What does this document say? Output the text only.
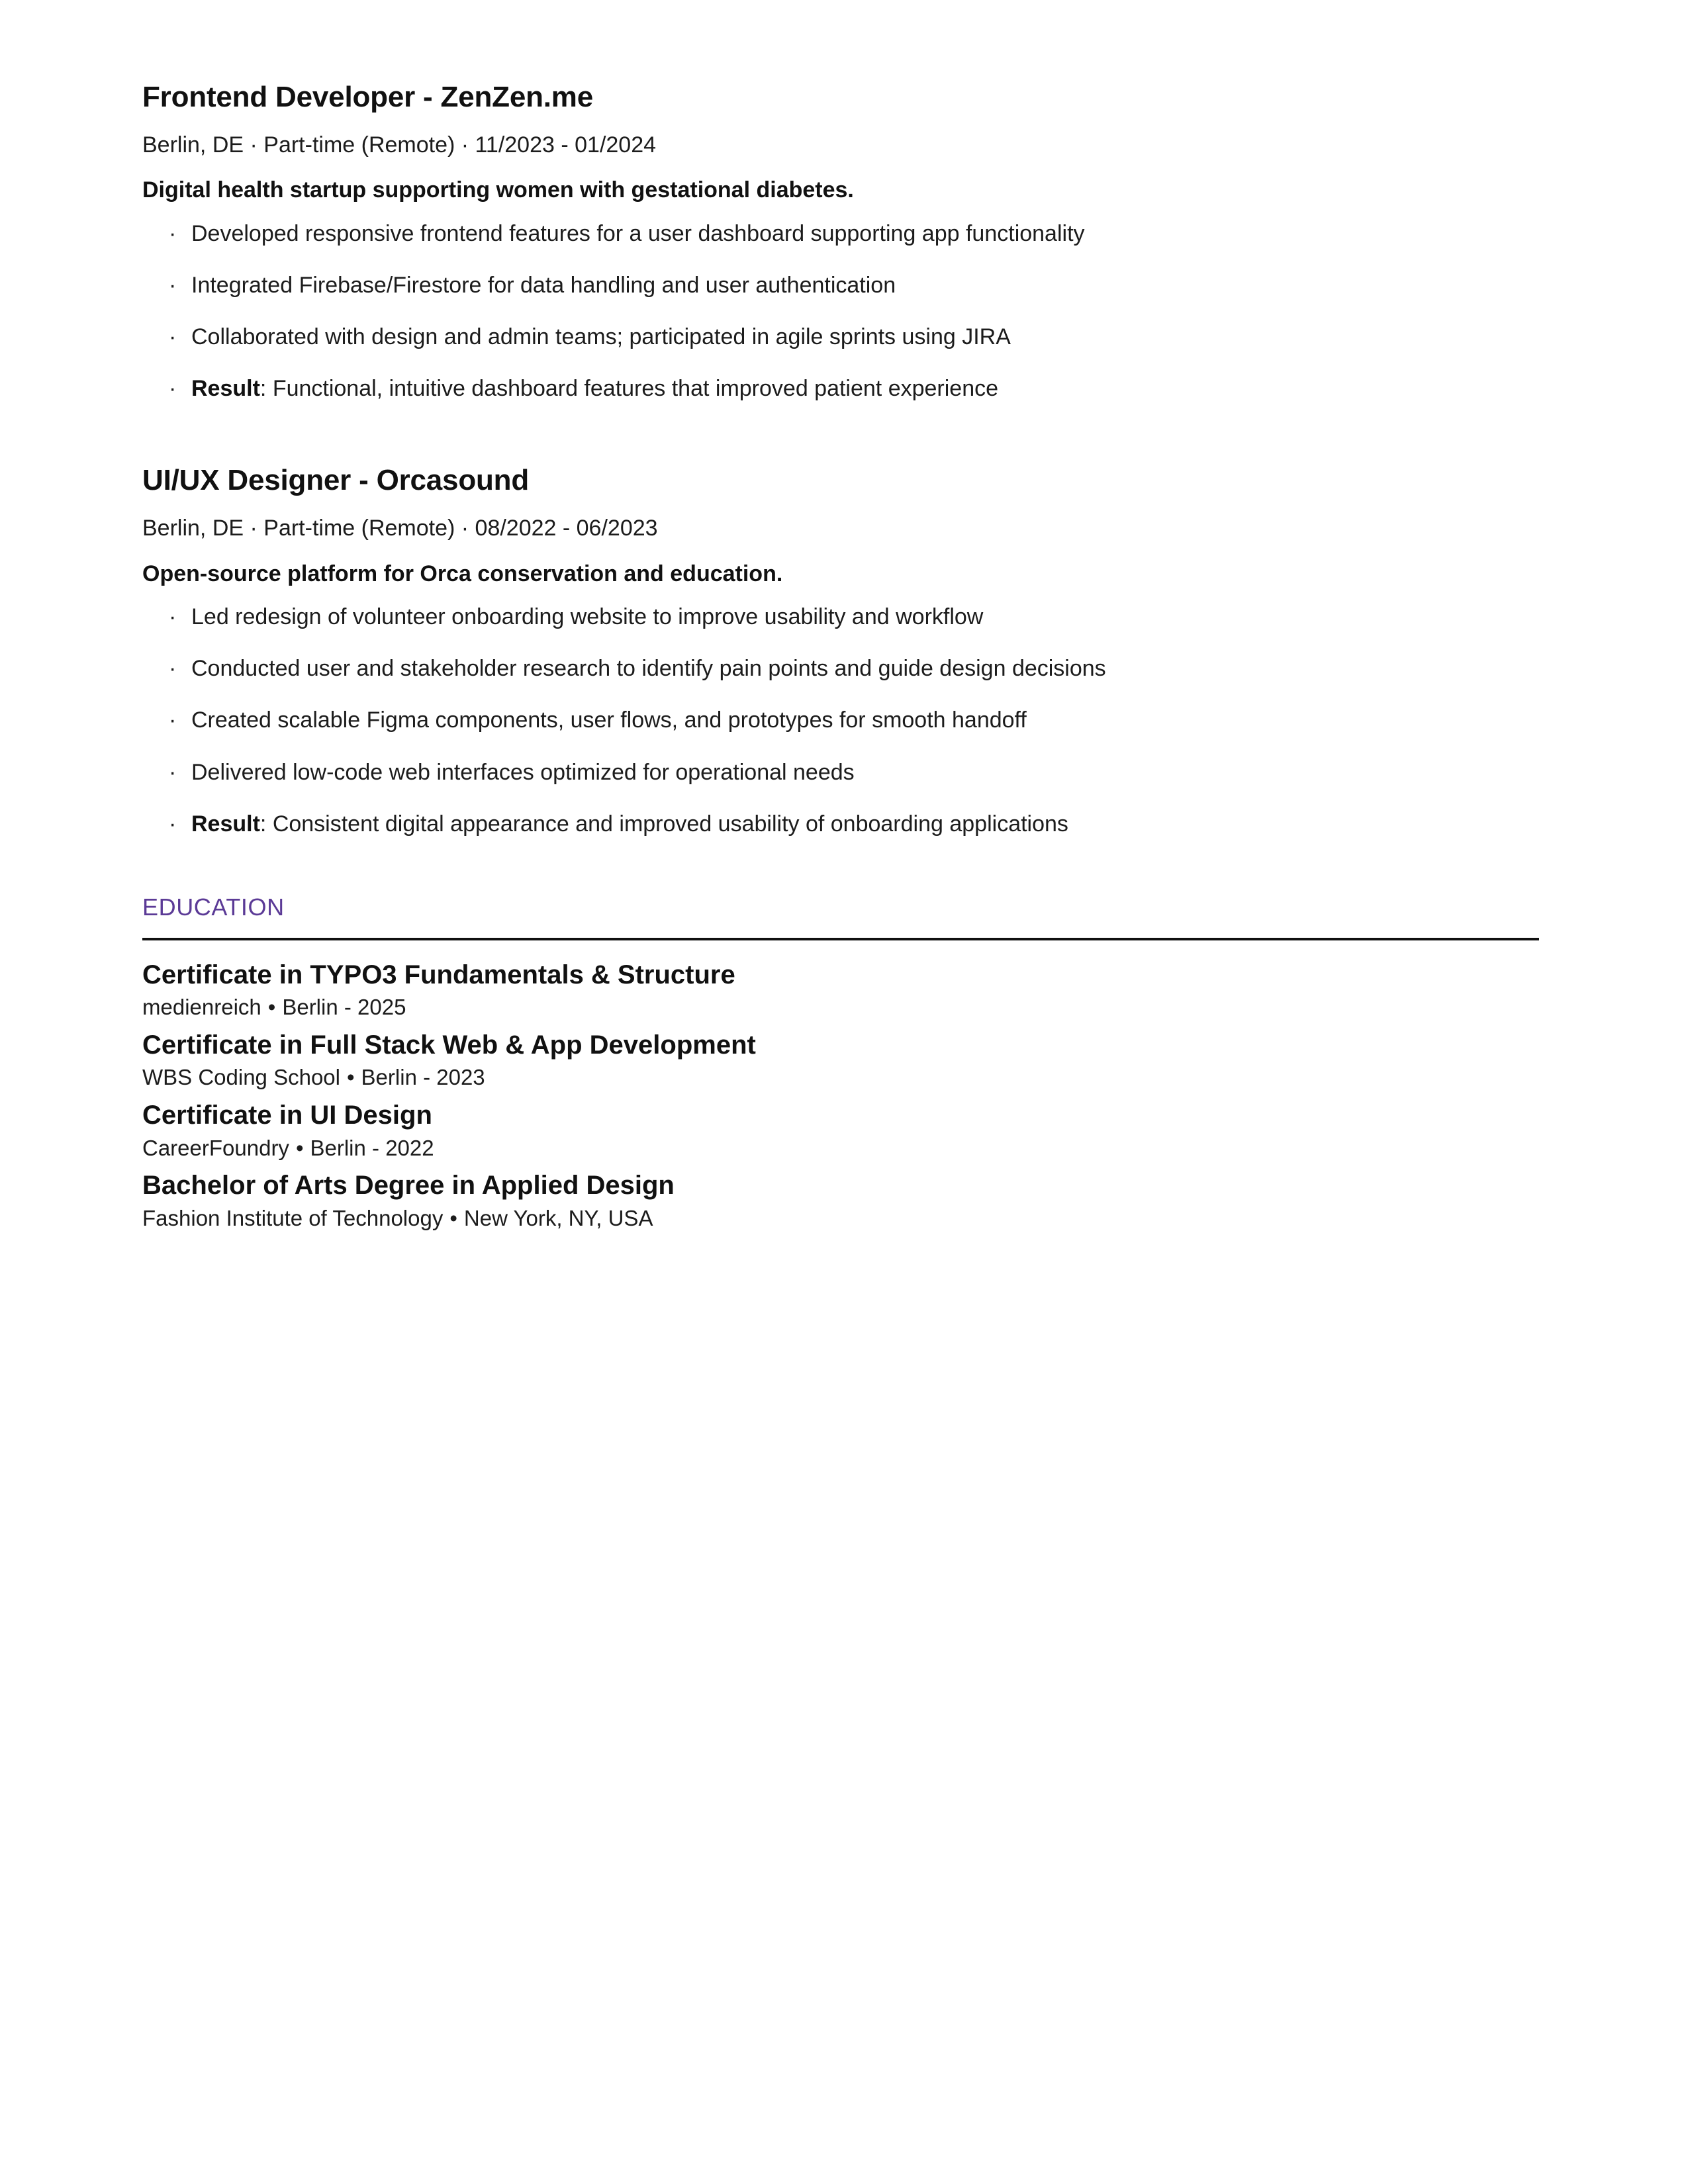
Frontend Developer - ZenZen.me

Berlin, DE · Part-time (Remote) · 11/2023 - 01/2024

Digital health startup supporting women with gestational diabetes.

· Developed responsive frontend features for a user dashboard supporting app functionality
· Integrated Firebase/Firestore for data handling and user authentication
· Collaborated with design and admin teams; participated in agile sprints using JIRA
· Result: Functional, intuitive dashboard features that improved patient experience
UI/UX Designer - Orcasound

Berlin, DE · Part-time (Remote) · 08/2022 - 06/2023

Open-source platform for Orca conservation and education.

· Led redesign of volunteer onboarding website to improve usability and workflow
· Conducted user and stakeholder research to identify pain points and guide design decisions
· Created scalable Figma components, user flows, and prototypes for smooth handoff
· Delivered low-code web interfaces optimized for operational needs
· Result: Consistent digital appearance and improved usability of onboarding applications
EDUCATION
Certificate in TYPO3 Fundamentals & Structure
medienreich • Berlin - 2025
Certificate in Full Stack Web & App Development
WBS Coding School • Berlin - 2023
Certificate in UI Design
CareerFoundry • Berlin - 2022
Bachelor of Arts Degree in Applied Design
Fashion Institute of Technology • New York, NY, USA
